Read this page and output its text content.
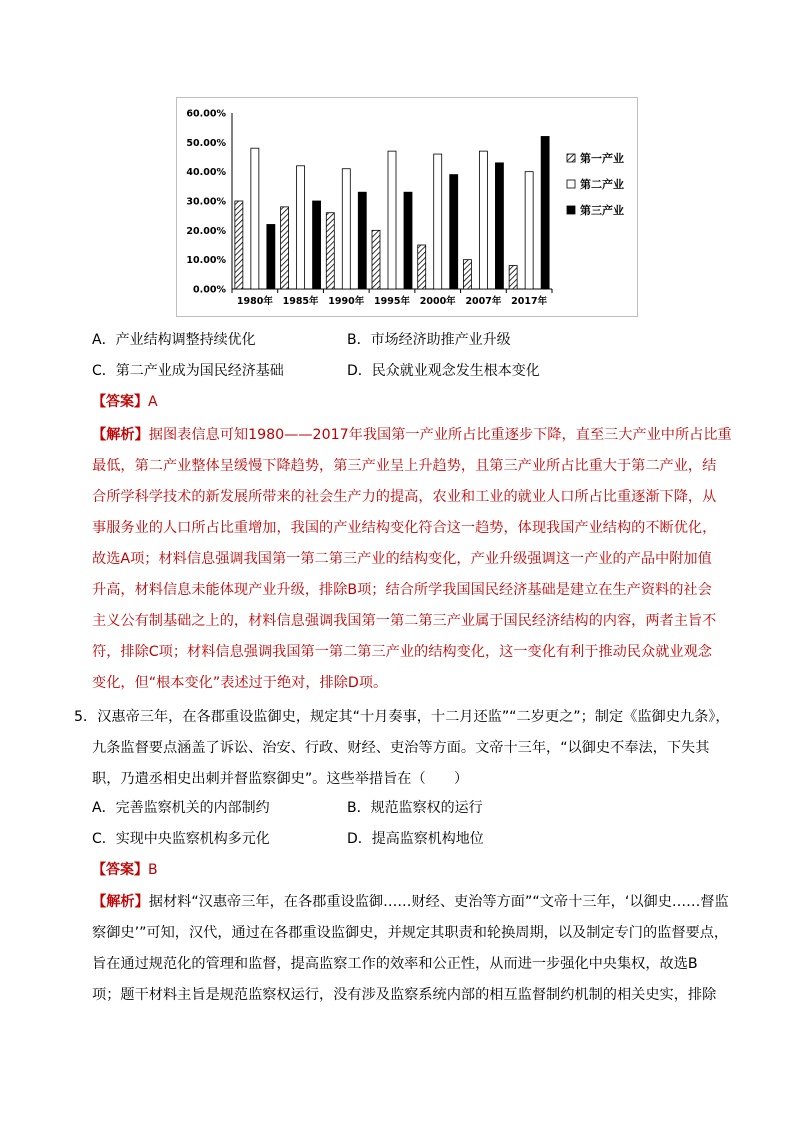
0.00%
10.00%
20.00%
30.00%
40.00%
50.00%
60.00%
1980年 1985年 1990年 1995年 2000年 2007年 2017年
第一产业
第二产业
第三产业
A．产业结构调整持续优化	B．市场经济助推产业升级
C．第二产业成为国民经济基础	D．民众就业观念发生根本变化
【答案】A
【解析】据图表信息可知1980——2017年我国第一产业所占比重逐步下降，直至三大产业中所占比重
最低，第二产业整体呈缓慢下降趋势，第三产业呈上升趋势，且第三产业所占比重大于第二产业，结
合所学科学技术的新发展所带来的社会生产力的提高，农业和工业的就业人口所占比重逐渐下降，从
事服务业的人口所占比重增加，我国的产业结构变化符合这一趋势，体现我国产业结构的不断优化，
故选A项；材料信息强调我国第一第二第三产业的结构变化，产业升级强调这一产业的产品中附加值
升高，材料信息未能体现产业升级，排除B项；结合所学我国国民经济基础是建立在生产资料的社会
主义公有制基础之上的，材料信息强调我国第一第二第三产业属于国民经济结构的内容，两者主旨不
符，排除C项；材料信息强调我国第一第二第三产业的结构变化，这一变化有利于推动民众就业观念
变化，但“根本变化”表述过于绝对，排除D项。
5．汉惠帝三年，在各郡重设监御史，规定其“十月奏事，十二月还监”“二岁更之”；制定《监御史九条》，
九条监督要点涵盖了诉讼、治安、行政、财经、吏治等方面。文帝十三年，“以御史不奉法，下失其
职，乃遣丞相史出刺并督监察御史”。这些举措旨在（　　）
A．完善监察机关的内部制约	B．规范监察权的运行
C．实现中央监察机构多元化	D．提高监察机构地位
【答案】B
【解析】据材料“汉惠帝三年，在各郡重设监御……财经、吏治等方面”“文帝十三年，‘以御史……督监
察御史’”可知，汉代，通过在各郡重设监御史，并规定其职责和轮换周期，以及制定专门的监督要点，
旨在通过规范化的管理和监督，提高监察工作的效率和公正性，从而进一步强化中央集权，故选B
项；题干材料主旨是规范监察权运行，没有涉及监察系统内部的相互监督制约机制的相关史实，排除
